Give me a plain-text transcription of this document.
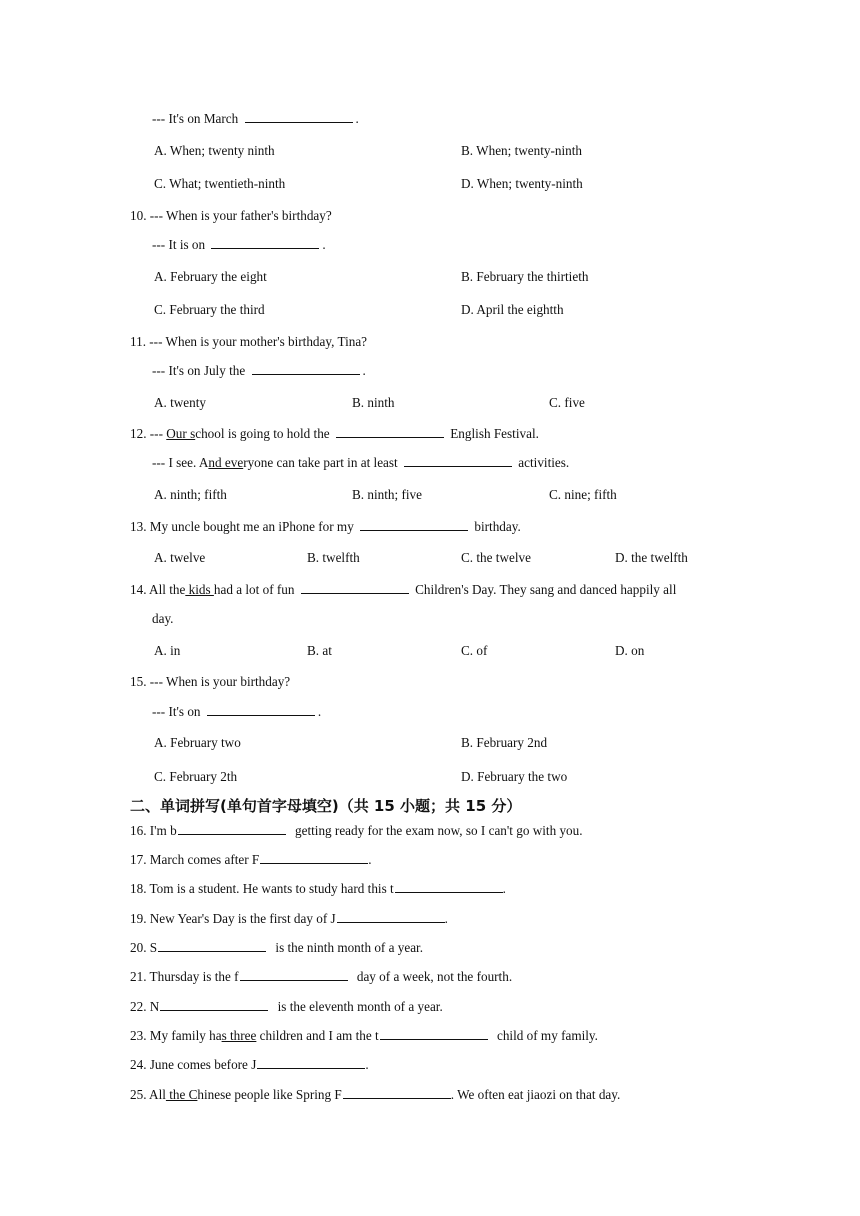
--- It's on March	.
A. When; twenty ninth	B. When; twenty-ninth
C. What; twentieth-ninth	D. When; twenty-ninth
10. --- When is your father's birthday?
--- It is on	.
A. February the eight	B. February the thirtieth
C. February the third	D. April the eightth
11. --- When is your mother's birthday, Tina?
--- It's on July the	.
A. twenty	B. ninth	C. five
12. --- Our school is going to hold the	English Festival.
--- I see. And everyone can take part in at least	activities.
A. ninth; fifth	B. ninth; five	C. nine; fifth
13. My uncle bought me an iPhone for my	birthday.
A. twelve	B. twelfth	C. the twelve	D. the twelfth
14. All the kids had a lot of fun	Children's Day. They sang and danced happily all
day.
A. in	B. at	C. of	D. on
15. --- When is your birthday?
--- It's on	.
A. February two	B. February 2nd
C. February 2th	D. February the two
二、单词拼写(单句首字母填空)（共 15 小题；共 15 分）
16. I'm b	getting ready for the exam now, so I can't go with you.
17. March comes after F	.
18. Tom is a student. He wants to study hard this t	.
19. New Year's Day is the first day of J	.
20. S	is the ninth month of a year.
21. Thursday is the f	day of a week, not the fourth.
22. N	is the eleventh month of a year.
23. My family has three children and I am the t	child of my family.
24. June comes before J	.
25. All the Chinese people like Spring F	. We often eat jiaozi on that day.
